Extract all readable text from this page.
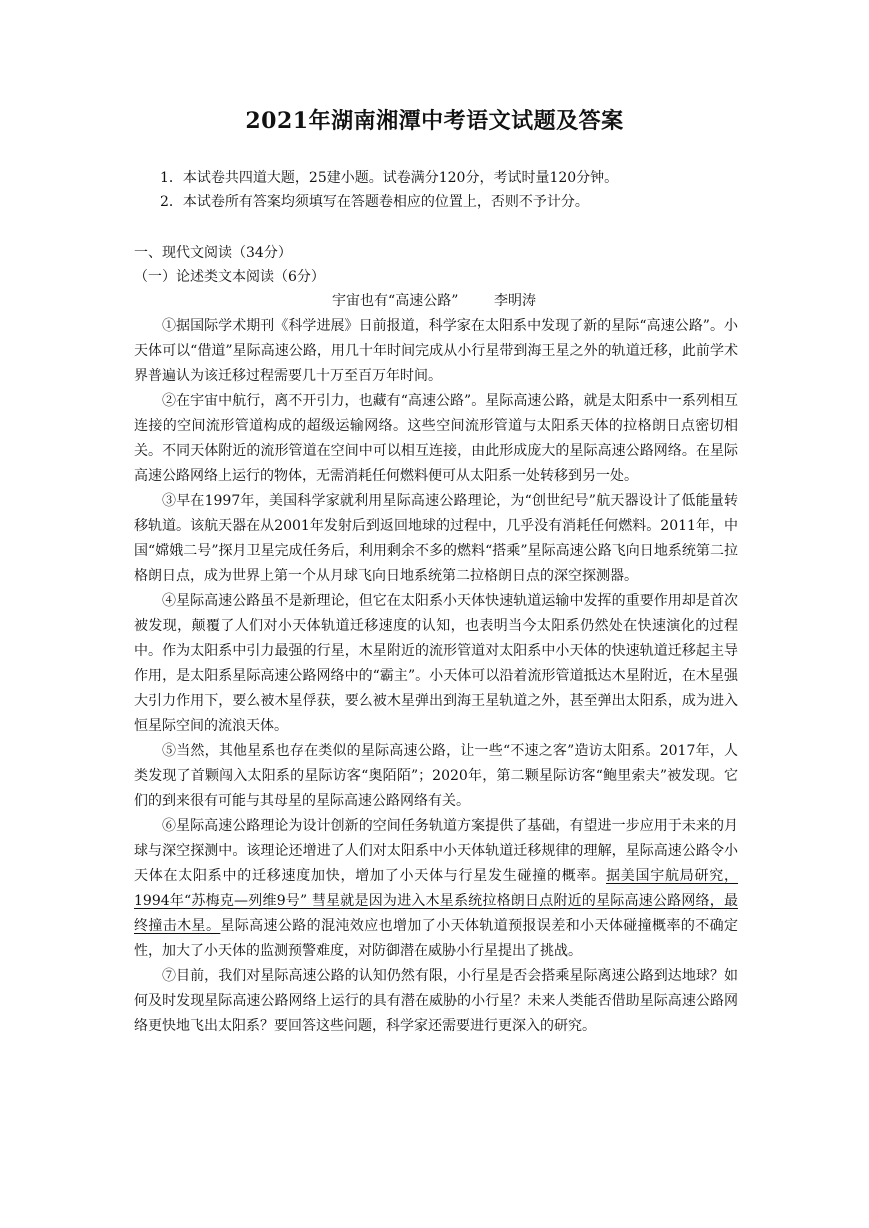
2021年湖南湘潭中考语文试题及答案
1．本试卷共四道大题，25建小题。试卷满分120分，考试时量120分钟。
2．本试卷所有答案均须填写在答题卷相应的位置上，否则不予计分。
一、现代文阅读（34分）
（一）论述类文本阅读（6分）
宇宙也有“高速公路”        李明涛

①据国际学术期刊《科学进展》日前报道，科学家在太阳系中发现了新的星际“高速公路”。小天体可以“借道”星际高速公路，用几十年时间完成从小行星带到海王星之外的轨道迁移，此前学术界普遍认为该迁移过程需要几十万至百万年时间。

②在宇宙中航行，离不开引力，也藏有“高速公路”。星际高速公路，就是太阳系中一系列相互连接的空间流形管道构成的超级运输网络。这些空间流形管道与太阳系天体的拉格朗日点密切相关。不同天体附近的流形管道在空间中可以相互连接，由此形成庞大的星际高速公路网络。在星际高速公路网络上运行的物体，无需消耗任何燃料便可从太阳系一处转移到另一处。

③早在1997年，美国科学家就利用星际高速公路理论，为“创世纪号”航天器设计了低能量转移轨道。该航天器在从2001年发射后到返回地球的过程中，几乎没有消耗任何燃料。2011年，中国“嫦娥二号”探月卫星完成任务后，利用剩余不多的燃料“搭乘”星际高速公路飞向日地系统第二拉格朗日点，成为世界上第一个从月球飞向日地系统第二拉格朗日点的深空探测器。

④星际高速公路虽不是新理论，但它在太阳系小天体快速轨道运输中发挥的重要作用却是首次被发现，颠覆了人们对小天体轨道迁移速度的认知，也表明当今太阳系仍然处在快速演化的过程中。作为太阳系中引力最强的行星，木星附近的流形管道对太阳系中小天体的快速轨道迁移起主导作用，是太阳系星际高速公路网络中的“霸主”。小天体可以沿着流形管道抵达木星附近，在木星强大引力作用下，要么被木星俘获，要么被木星弹出到海王星轨道之外，甚至弹出太阳系，成为进入恒星际空间的流浪天体。

⑤当然，其他星系也存在类似的星际高速公路，让一些“不速之客”造访太阳系。2017年，人类发现了首颗闯入太阳系的星际访客“奥陌陌”；2020年，第二颗星际访客“鲍里索夫”被发现。它们的到来很有可能与其母星的星际高速公路网络有关。

⑥星际高速公路理论为设计创新的空间任务轨道方案提供了基础，有望进一步应用于未来的月球与深空探测中。该理论还增进了人们对太阳系中小天体轨道迁移规律的理解，星际高速公路令小天体在太阳系中的迁移速度加快，增加了小天体与行星发生碰撞的概率。据美国宇航局研究，1994年“苏梅克—列维9号” 彗星就是因为进入木星系统拉格朗日点附近的星际高速公路网络，最终撞击木星。星际高速公路的混沌效应也增加了小天体轨道预报误差和小天体碰撞概率的不确定性，加大了小天体的监测预警难度，对防御潜在威胁小行星提出了挑战。

⑦目前，我们对星际高速公路的认知仍然有限，小行星是否会搭乘星际离速公路到达地球？如何及时发现星际高速公路网络上运行的具有潜在威胁的小行星？未来人类能否借助星际高速公路网络更快地飞出太阳系？要回答这些问题，科学家还需要进行更深入的研究。
